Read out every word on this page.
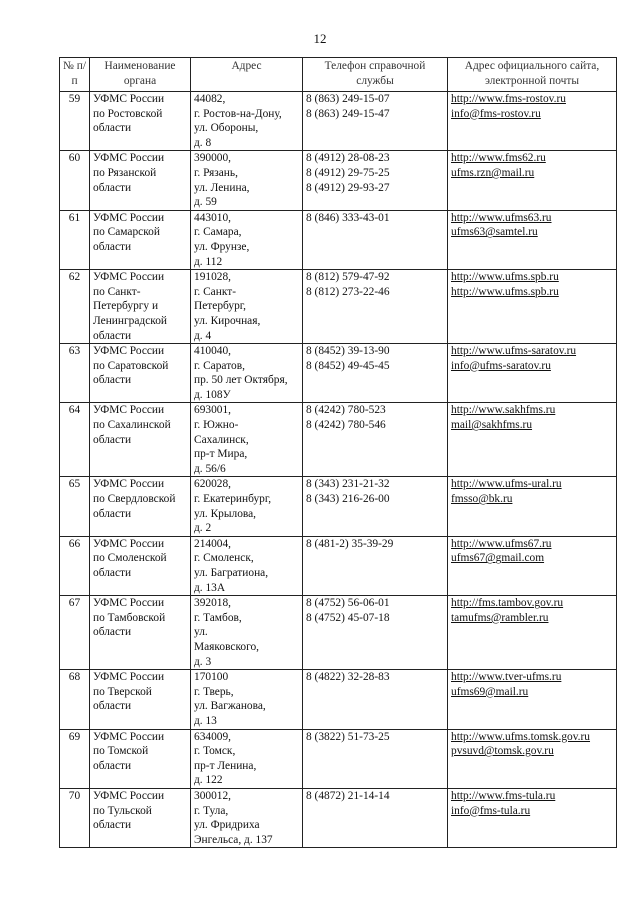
12
№ п/п	Наименование органа	Адрес	Телефон справочной службы	Адрес официального сайта, электронной почты
59	УФМС России
по Ростовской
области	44082,
г. Ростов-на-Дону,
ул. Обороны,
д. 8	8 (863) 249-15-07
8 (863) 249-15-47	http://www.fms-rostov.ru
info@fms-rostov.ru

60	УФМС России
по Рязанской
области	390000,
г. Рязань,
ул. Ленина,
д. 59	8 (4912) 28-08-23
8 (4912) 29-75-25
8 (4912) 29-93-27	http://www.fms62.ru
ufms.rzn@mail.ru

61	УФМС России
по Самарской
области	443010,
г. Самара,
ул. Фрунзе,
д. 112	8 (846) 333-43-01	http://www.ufms63.ru
ufms63@samtel.ru

62	УФМС России
по Санкт-
Петербургу и
Ленинградской
области	191028,
г. Санкт-
Петербург,
ул. Кирочная,
д. 4	8 (812) 579-47-92
8 (812) 273-22-46	http://www.ufms.spb.ru
http://www.ufms.spb.ru

63	УФМС России
по Саратовской
области	410040,
г. Саратов,
пр. 50 лет Октября,
д. 108У	8 (8452) 39-13-90
8 (8452) 49-45-45	http://www.ufms-saratov.ru
info@ufms-saratov.ru

64	УФМС России
по Сахалинской
области	693001,
г. Южно-
Сахалинск,
пр-т Мира,
д. 56/6	8 (4242) 780-523
8 (4242) 780-546	http://www.sakhfms.ru
mail@sakhfms.ru

65	УФМС России
по Свердловской
области	620028,
г. Екатеринбург,
ул. Крылова,
д. 2	8 (343) 231-21-32
8 (343) 216-26-00	http://www.ufms-ural.ru
fmsso@bk.ru

66	УФМС России
по Смоленской
области	214004,
г. Смоленск,
ул. Багратиона,
д. 13А	8 (481-2) 35-39-29	http://www.ufms67.ru
ufms67@gmail.com

67	УФМС России
по Тамбовской
области	392018,
г. Тамбов,
ул.
Маяковского,
д. 3	8 (4752) 56-06-01
8 (4752) 45-07-18	http://fms.tambov.gov.ru
tamufms@rambler.ru

68	УФМС России
по Тверской
области	170100
г. Тверь,
ул. Вагжанова,
д. 13	8 (4822) 32-28-83	http://www.tver-ufms.ru
ufms69@mail.ru

69	УФМС России
по Томской
области	634009,
г. Томск,
пр-т Ленина,
д. 122	8 (3822) 51-73-25	http://www.ufms.tomsk.gov.ru
pvsuvd@tomsk.gov.ru

70	УФМС России
по Тульской
области	300012,
г. Тула,
ул. Фридриха
Энгельса, д. 137	8 (4872) 21-14-14	http://www.fms-tula.ru
info@fms-tula.ru
